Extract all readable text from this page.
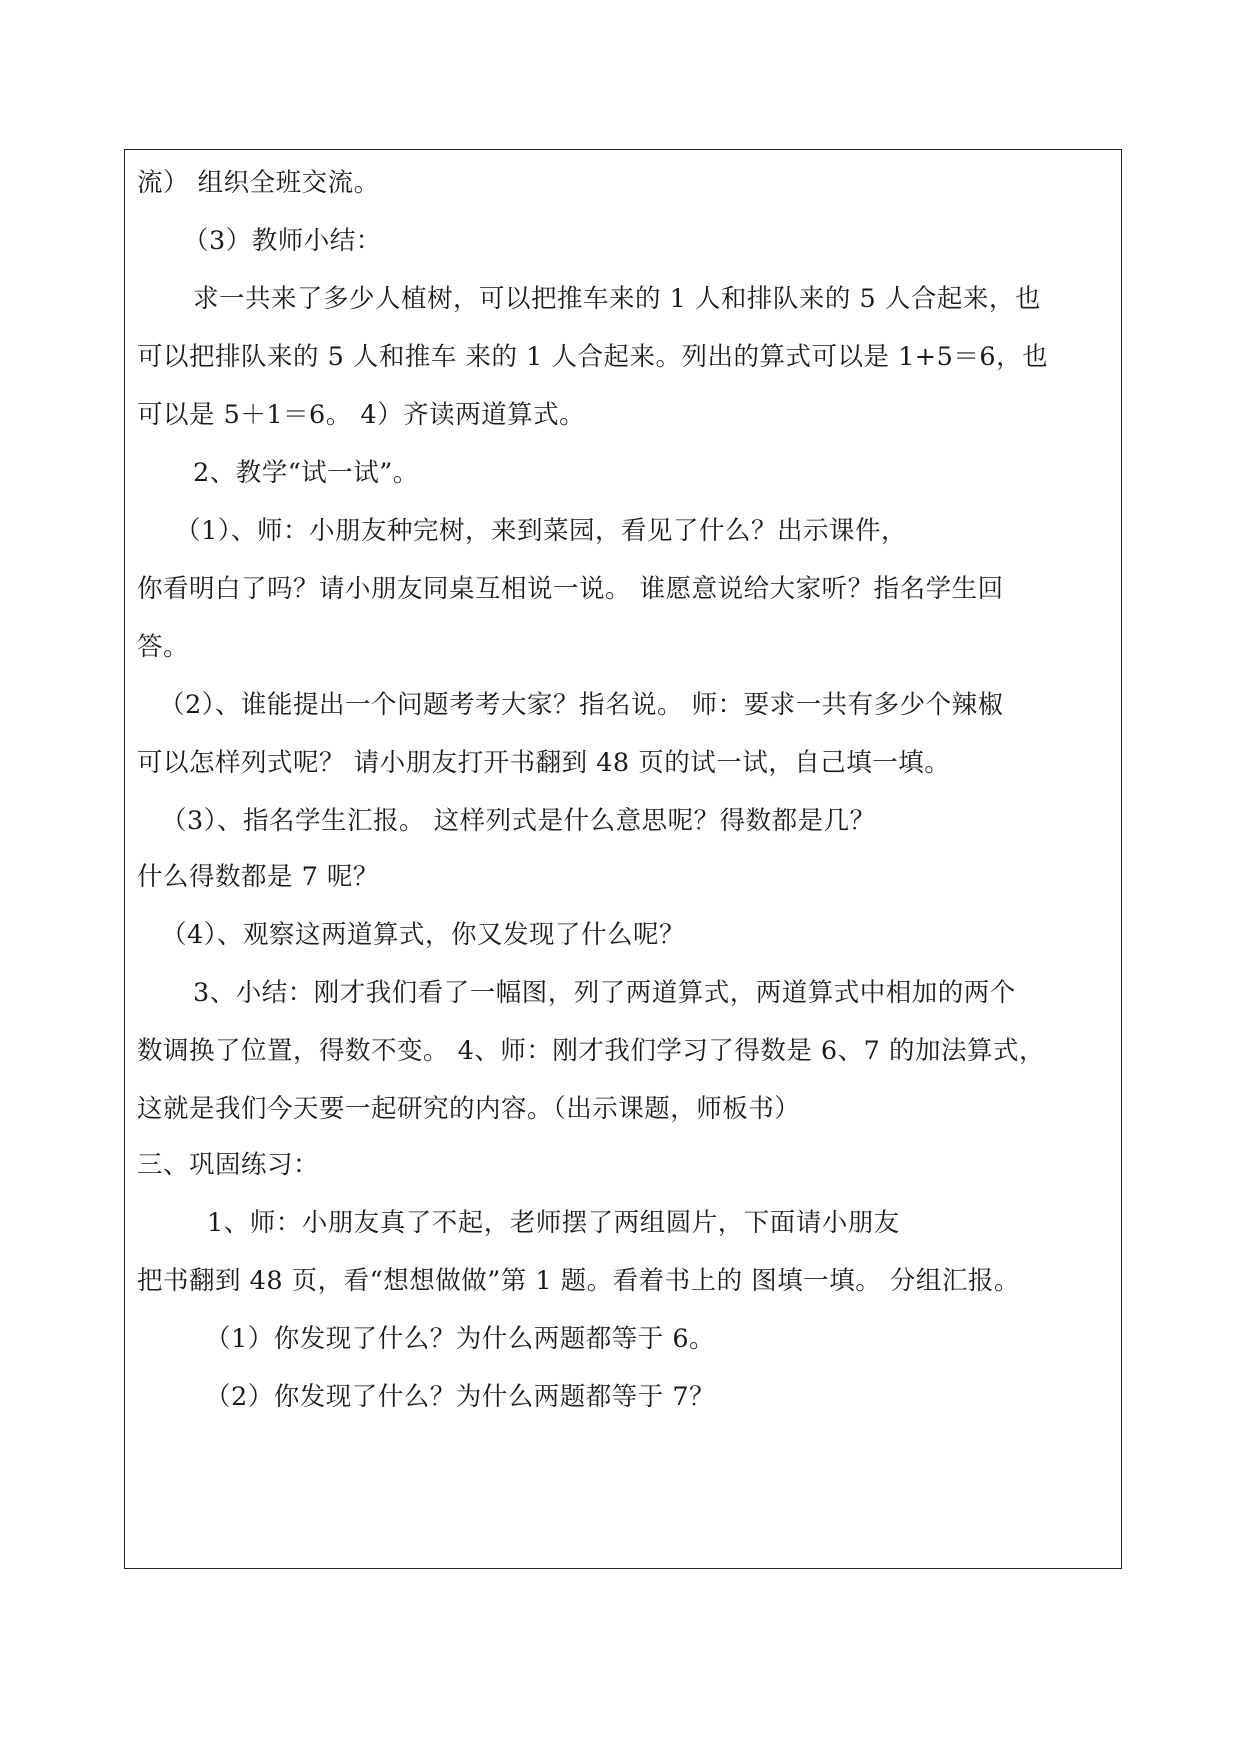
流） 组织全班交流。
（3）教师小结：
求一共来了多少人植树，可以把推车来的 1 人和排队来的 5 人合起来，也
可以把排队来的 5 人和推车 来的 1 人合起来。列出的算式可以是 1+5＝6，也
可以是 5＋1＝6。 4）齐读两道算式。
2、教学“试一试”。
（1）、师：小朋友种完树，来到菜园，看见了什么？出示课件，
你看明白了吗？请小朋友同桌互相说一说。 谁愿意说给大家听？指名学生回
答。
（2）、谁能提出一个问题考考大家？指名说。 师：要求一共有多少个辣椒
可以怎样列式呢？ 请小朋友打开书翻到 48 页的试一试，自己填一填。
（3）、指名学生汇报。 这样列式是什么意思呢？得数都是几？
什么得数都是 7 呢？
（4）、观察这两道算式，你又发现了什么呢？
3、小结：刚才我们看了一幅图，列了两道算式，两道算式中相加的两个
数调换了位置，得数不变。 4、师：刚才我们学习了得数是 6、7 的加法算式，
这就是我们今天要一起研究的内容。（出示课题，师板书）
三、巩固练习：
1、师：小朋友真了不起，老师摆了两组圆片，下面请小朋友
把书翻到 48 页，看“想想做做”第 1 题。看着书上的 图填一填。 分组汇报。
（1）你发现了什么？为什么两题都等于 6。
（2）你发现了什么？为什么两题都等于 7？
